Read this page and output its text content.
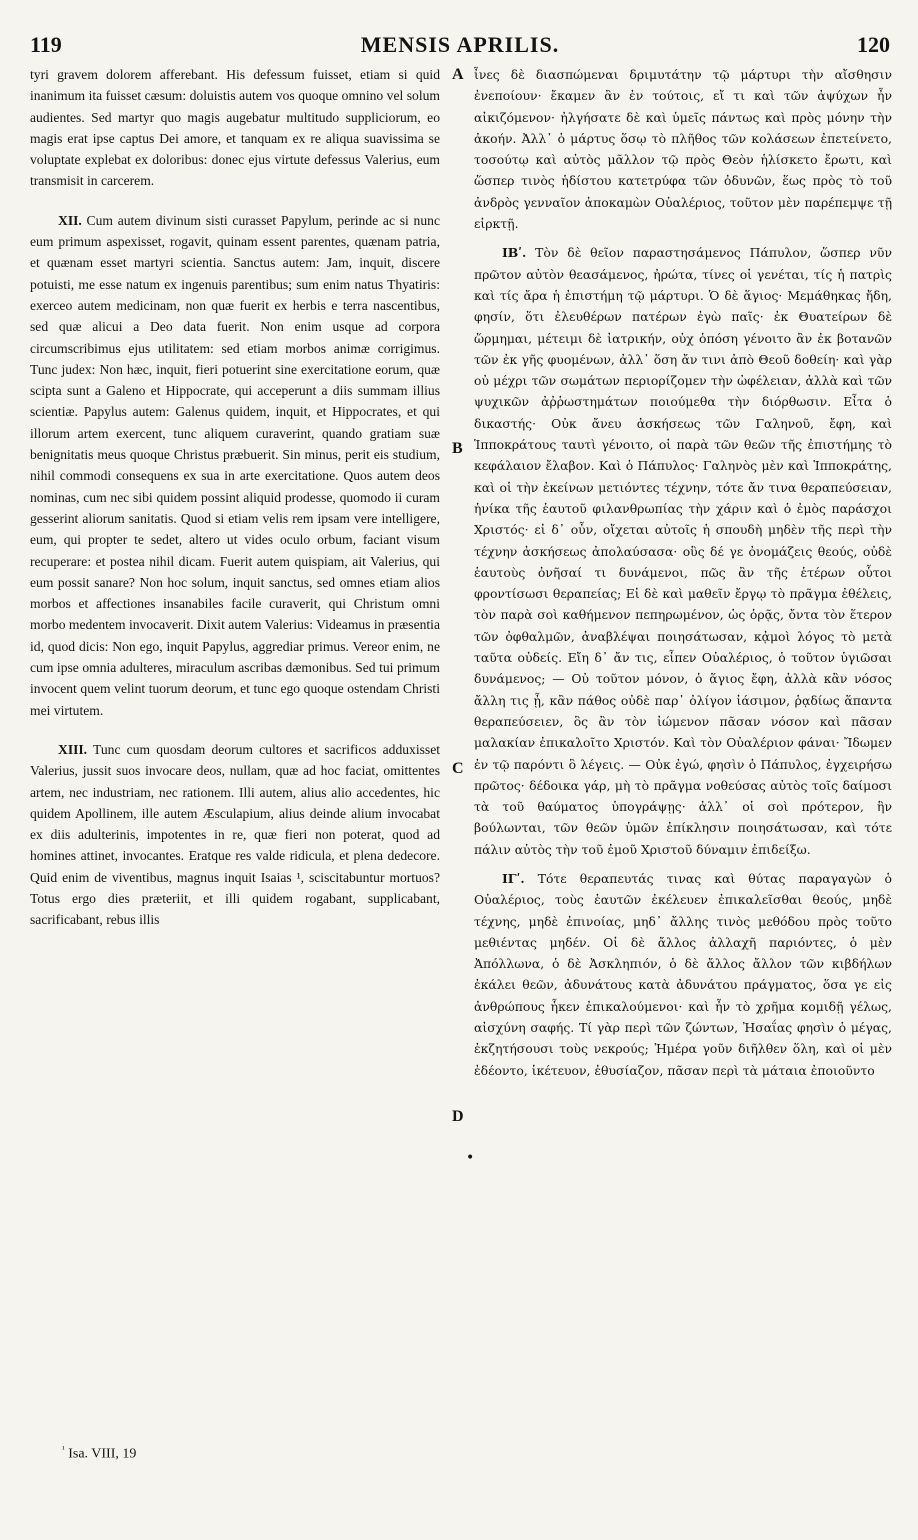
119	MENSIS APRILIS.	120

tyri gravem dolorem afferebant. His defessum fuisset, etiam si quid inanimum ita fuisset cæsum: doluistis autem vos quoque omnino vel solum audientes. Sed martyr quo magis augebatur multitudo suppliciorum, eo magis erat ipse captus Dei amore, et tanquam ex re aliqua suavissima se voluptate explebat ex doloribus: donec ejus virtute defessus Valerius, eum transmisit in carcerem.

XII. Cum autem divinum sisti curasset Papylum, perinde ac si nunc eum primum aspexisset, rogavit, quinam essent parentes, quænam patria, et quænam esset martyri scientia. Sanctus autem: Jam, inquit, discere potuisti, me esse natum ex ingenuis parentibus; sum enim natus Thyatiris: exerceo autem medicinam, non quæ fuerit ex herbis e terra nascentibus, sed quæ alicui a Deo data fuerit. Non enim usque ad corpora circumscribimus ejus utilitatem: sed etiam morbos animæ corrigimus. Tunc judex: Non hæc, inquit, fieri potuerint sine exercitatione eorum, quæ scipta sunt a Galeno et Hippocrate, qui acceperunt a diis summam illius scientiæ. Papylus autem: Galenus quidem, inquit, et Hippocrates, et qui illorum artem exercent, tunc aliquem curaverint, quando gratiam suæ benignitatis meus quoque Christus præbuerit. Sin minus, perit eis studium, nihil commodi consequens ex sua in arte exercitatione. Quos autem deos nominas, cum nec sibi quidem possint aliquid prodesse, quomodo ii curam gesserint aliorum sanitatis. Quod si etiam velis rem ipsam vere intelligere, eum, qui propter te sedet, altero ut vides oculo orbum, faciant visum recuperare: et postea nihil dicam. Fuerit autem quispiam, ait Valerius, qui eum possit sanare? Non hoc solum, inquit sanctus, sed omnes etiam alios morbos et affectiones insanabiles facile curaverit, qui Christum omni morbo medentem invocaverit. Dixit autem Valerius: Videamus in præsentia id, quod dicis: Non ego, inquit Papylus, aggrediar primus. Vereor enim, ne cum ipse omnia adulteres, miraculum ascribas dæmonibus. Sed tui primum invocent quem velint tuorum deorum, et tunc ego quoque ostendam Christi mei virtutem.

XIII. Tunc cum quosdam deorum cultores et sacrificos adduxisset Valerius, jussit suos invocare deos, nullam, quæ ad hoc faciat, omittentes artem, nec industriam, nec rationem. Illi autem, alius alio accedentes, hic quidem Apollinem, ille autem Æsculapium, alius deinde alium invocabat ex diis adulterinis, impotentes in re, quæ fieri non poterat, quod ad homines attinet, invocantes. Eratque res valde ridicula, et plena dedecore. Quid enim de viventibus, magnus inquit Isaias ¹, sciscitabuntur mortuos? Totus ergo dies præteriit, et illi quidem rogabant, supplicabant, sacrificabant, rebus illis

A
B
C
D
•

ἶνες δὲ διασπώμεναι δριμυτάτην τῷ μάρτυρι τὴν αἴσθησιν ἐνεποίουν· ἔκαμεν ἂν ἐν τούτοις, εἴ τι καὶ τῶν ἀψύχων ἦν αἰκιζόμενον· ἠλγήσατε δὲ καὶ ὑμεῖς πάντως καὶ πρὸς μόνην τὴν ἀκοήν. Ἀλλ᾽ ὁ μάρτυς ὅσῳ τὸ πλῆθος τῶν κολάσεων ἐπετείνετο, τοσούτῳ καὶ αὐτὸς μᾶλλον τῷ πρὸς Θεὸν ἡλίσκετο ἔρωτι, καὶ ὥσπερ τινὸς ἡδίστου κατετρύφα τῶν ὀδυνῶν, ἕως πρὸς τὸ τοῦ ἀνδρὸς γενναῖον ἀποκαμὼν Οὐαλέριος, τοῦτον μὲν παρέπεμψε τῇ εἱρκτῇ.

ΙΒʹ. Τὸν δὲ θεῖον παραστησάμενος Πάπυλον, ὥσπερ νῦν πρῶτον αὐτὸν θεασάμενος, ἠρώτα, τίνες οἱ γενέται, τίς ἡ πατρὶς καὶ τίς ἄρα ἡ ἐπιστήμη τῷ μάρτυρι. Ὁ δὲ ἅγιος· Μεμάθηκας ἤδη, φησίν, ὅτι ἐλευθέρων πατέρων ἐγὼ παῖς· ἐκ Θυατείρων δὲ ὥρμημαι, μέτειμι δὲ ἰατρικήν, οὐχ ὁπόση γένοιτο ἂν ἐκ βοτανῶν τῶν ἐκ γῆς φυομένων, ἀλλ᾽ ὅση ἄν τινι ἀπὸ Θεοῦ δοθείη· καὶ γὰρ οὐ μέχρι τῶν σωμάτων περιορίζομεν τὴν ὠφέλειαν, ἀλλὰ καὶ τῶν ψυχικῶν ἀῤῥωστημάτων ποιούμεθα τὴν διόρθωσιν. Εἶτα ὁ δικαστής· Οὐκ ἄνευ ἀσκήσεως τῶν Γαληνοῦ, ἔφη, καὶ Ἱπποκράτους ταυτὶ γένοιτο, οἱ παρὰ τῶν θεῶν τῆς ἐπιστήμης τὸ κεφάλαιον ἔλαβον. Καὶ ὁ Πάπυλος· Γαληνὸς μὲν καὶ Ἱπποκράτης, καὶ οἱ τὴν ἐκείνων μετιόντες τέχνην, τότε ἄν τινα θεραπεύσειαν, ἡνίκα τῆς ἑαυτοῦ φιλανθρωπίας τὴν χάριν καὶ ὁ ἐμὸς παράσχοι Χριστός· εἰ δ᾽ οὖν, οἴχεται αὐτοῖς ἡ σπουδὴ μηδὲν τῆς περὶ τὴν τέχνην ἀσκήσεως ἀπολαύσασα· οὓς δέ γε ὀνομάζεις θεούς, οὐδὲ ἑαυτοὺς ὀνῆσαί τι δυνάμενοι, πῶς ἂν τῆς ἑτέρων οὗτοι φροντίσωσι θεραπείας; Εἰ δὲ καὶ μαθεῖν ἔργῳ τὸ πρᾶγμα ἐθέλεις, τὸν παρὰ σοὶ καθήμενον πεπηρωμένον, ὡς ὁρᾷς, ὄντα τὸν ἕτερον τῶν ὀφθαλμῶν, ἀναβλέψαι ποιησάτωσαν, κᾀμοὶ λόγος τὸ μετὰ ταῦτα οὐδείς. Εἴη δ᾽ ἄν τις, εἶπεν Οὐαλέριος, ὁ τοῦτον ὑγιῶσαι δυνάμενος; — Οὐ τοῦτον μόνον, ὁ ἅγιος ἔφη, ἀλλὰ κἂν νόσος ἄλλη τις ᾖ, κἂν πάθος οὐδὲ παρ᾽ ὀλίγον ἰάσιμον, ῥᾳδίως ἅπαντα θεραπεύσειεν, ὃς ἂν τὸν ἰώμενον πᾶσαν νόσον καὶ πᾶσαν μαλακίαν ἐπικαλοῖτο Χριστόν. Καὶ τὸν Οὐαλέριον φάναι· Ἴδωμεν ἐν τῷ παρόντι ὃ λέγεις. — Οὐκ ἐγώ, φησὶν ὁ Πάπυλος, ἐγχειρήσω πρῶτος· δέδοικα γάρ, μὴ τὸ πρᾶγμα νοθεύσας αὐτὸς τοῖς δαίμοσι τὰ τοῦ θαύματος ὑπογράψῃς· ἀλλ᾽ οἱ σοὶ πρότερον, ἣν βούλωνται, τῶν θεῶν ὑμῶν ἐπίκλησιν ποιησάτωσαν, καὶ τότε πάλιν αὐτὸς τὴν τοῦ ἐμοῦ Χριστοῦ δύναμιν ἐπιδείξω.

ΙΓʹ. Τότε θεραπευτάς τινας καὶ θύτας παραγαγὼν ὁ Οὐαλέριος, τοὺς ἑαυτῶν ἐκέλευεν ἐπικαλεῖσθαι θεούς, μηδὲ τέχνης, μηδὲ ἐπινοίας, μηδ᾽ ἄλλης τινὸς μεθόδου πρὸς τοῦτο μεθιέντας μηδέν. Οἱ δὲ ἄλλος ἀλλαχῆ παριόντες, ὁ μὲν Ἀπόλλωνα, ὁ δὲ Ἀσκληπιόν, ὁ δὲ ἄλλος ἄλλον τῶν κιβδήλων ἐκάλει θεῶν, ἀδυνάτους κατὰ ἀδυνάτου πράγματος, ὅσα γε εἰς ἀνθρώπους ἧκεν ἐπικαλούμενοι· καὶ ἦν τὸ χρῆμα κομιδῇ γέλως, αἰσχύνη σαφής. Τί γὰρ περὶ τῶν ζώντων, Ἠσαΐας φησὶν ὁ μέγας, ἐκζητήσουσι τοὺς νεκρούς; Ἡμέρα γοῦν διῆλθεν ὅλη, καὶ οἱ μὲν ἐδέοντο, ἱκέτευον, ἐθυσίαζον, πᾶσαν περὶ τὰ μάταια ἐποιοῦντο

$^{^1}$ Isa. VIII, 19
